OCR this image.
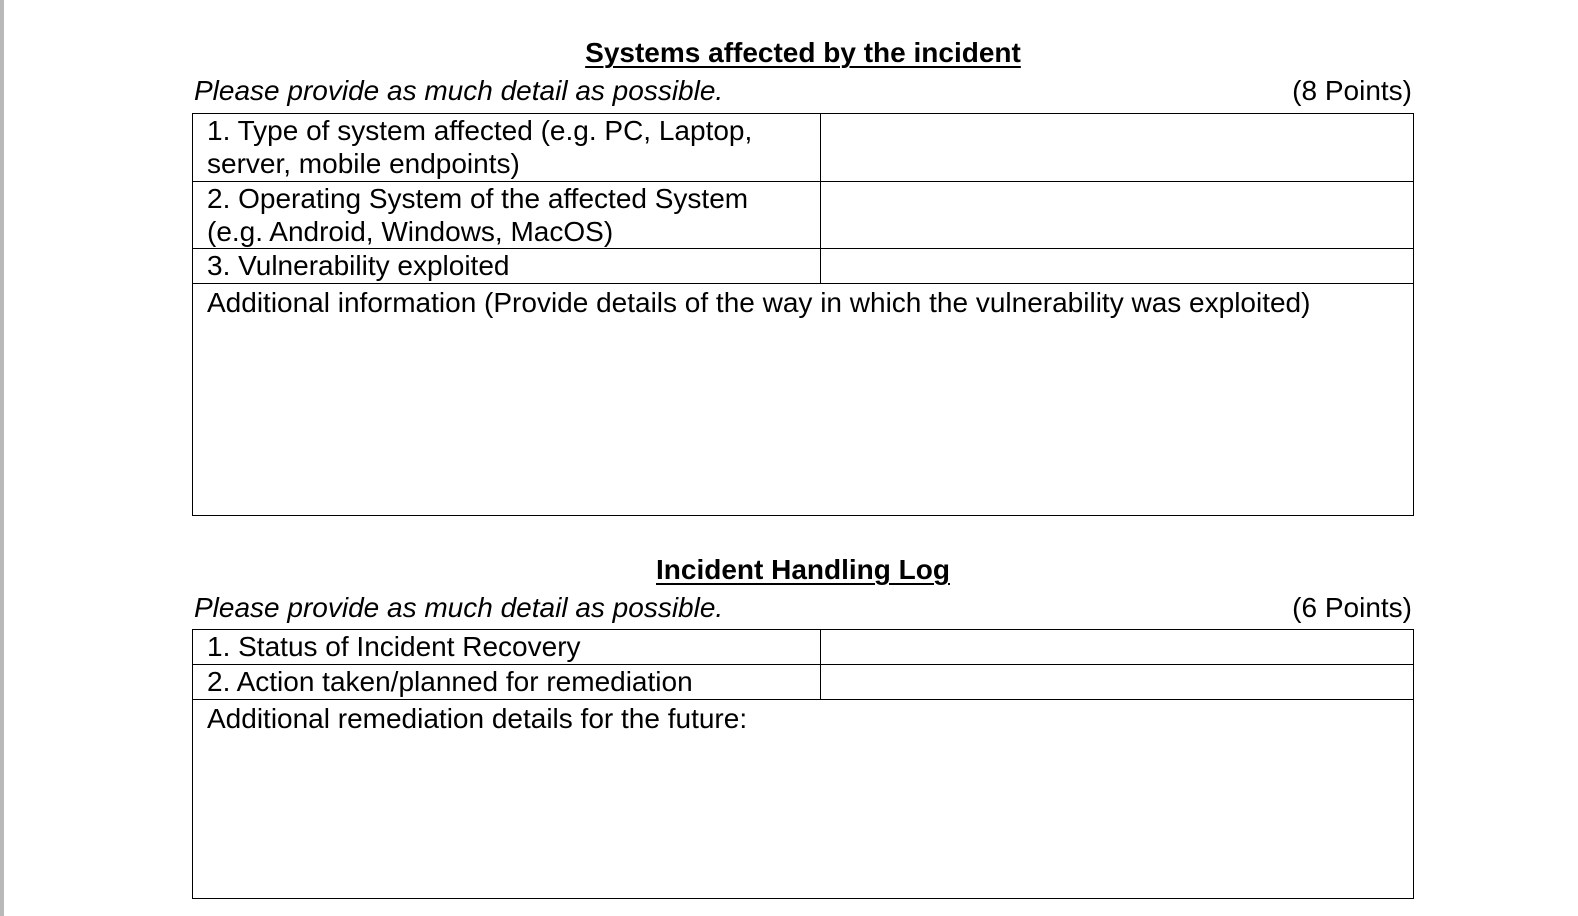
Systems affected by the incident
Please provide as much detail as possible.	(8 Points)
1. Type of system affected (e.g. PC, Laptop,
server, mobile endpoints)
2. Operating System of the affected System
(e.g. Android, Windows, MacOS)
3. Vulnerability exploited
Additional information (Provide details of the way in which the vulnerability was exploited)
Incident Handling Log
Please provide as much detail as possible.	(6 Points)
1. Status of Incident Recovery
2. Action taken/planned for remediation
Additional remediation details for the future:
